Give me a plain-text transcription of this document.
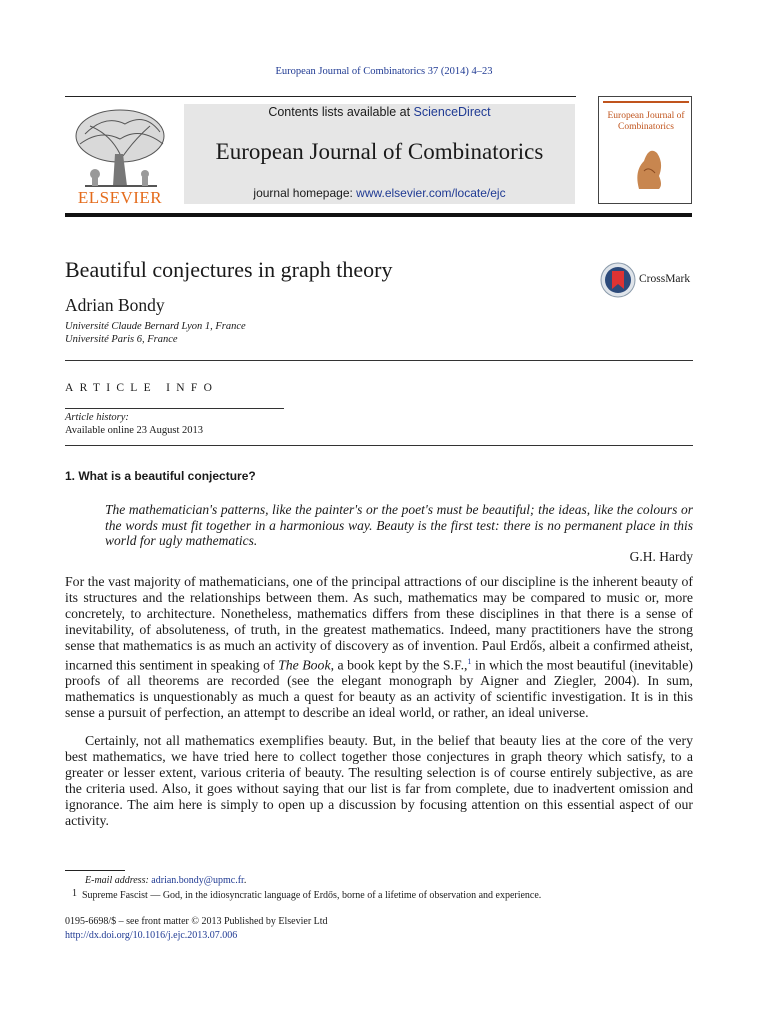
European Journal of Combinatorics 37 (2014) 4–23
ELSEVIER
Contents lists available at ScienceDirect
European Journal of Combinatorics
journal homepage: www.elsevier.com/locate/ejc
European Journal of Combinatorics
Beautiful conjectures in graph theory	CrossMark
Adrian Bondy
Université Claude Bernard Lyon 1, France
Université Paris 6, France
ARTICLE INFO
Article history:
Available online 23 August 2013
1. What is a beautiful conjecture?
The mathematician's patterns, like the painter's or the poet's must be beautiful; the ideas, like the colours or the words must fit together in a harmonious way. Beauty is the first test: there is no permanent place in this world for ugly mathematics.
G.H. Hardy

For the vast majority of mathematicians, one of the principal attractions of our discipline is the inherent beauty of its structures and the relationships between them. As such, mathematics may be compared to music or, more concretely, to architecture. Nonetheless, mathematics differs from these disciplines in that there is a sense of inevitability, of absoluteness, of truth, in the greatest mathematics. Indeed, many practitioners have the strong sense that mathematics is as much an activity of discovery as of invention. Paul Erdős, albeit a confirmed atheist, incarned this sentiment in speaking of The Book, a book kept by the S.F.,$^1$ in which the most beautiful (inevitable) proofs of all theorems are recorded (see the elegant monograph by Aigner and Ziegler, 2004). In sum, mathematics is unquestionably as much a quest for beauty as an activity of scientific investigation. It is in this sense a pursuit of perfection, an attempt to describe an ideal world, or rather, an ideal universe.

Certainly, not all mathematics exemplifies beauty. But, in the belief that beauty lies at the core of the very best mathematics, we have tried here to collect together those conjectures in graph theory which satisfy, to a greater or lesser extent, various criteria of beauty. The resulting selection is of course entirely subjective, as are the criteria used. Also, it goes without saying that our list is far from complete, due to inadvertent omission and ignorance. The aim here is simply to open up a discussion by focusing attention on this essential aspect of our activity.

E-mail address: adrian.bondy@upmc.fr.
$^1$ Supreme Fascist — God, in the idiosyncratic language of Erdős, borne of a lifetime of observation and experience.
0195-6698/$ – see front matter © 2013 Published by Elsevier Ltd
http://dx.doi.org/10.1016/j.ejc.2013.07.006
